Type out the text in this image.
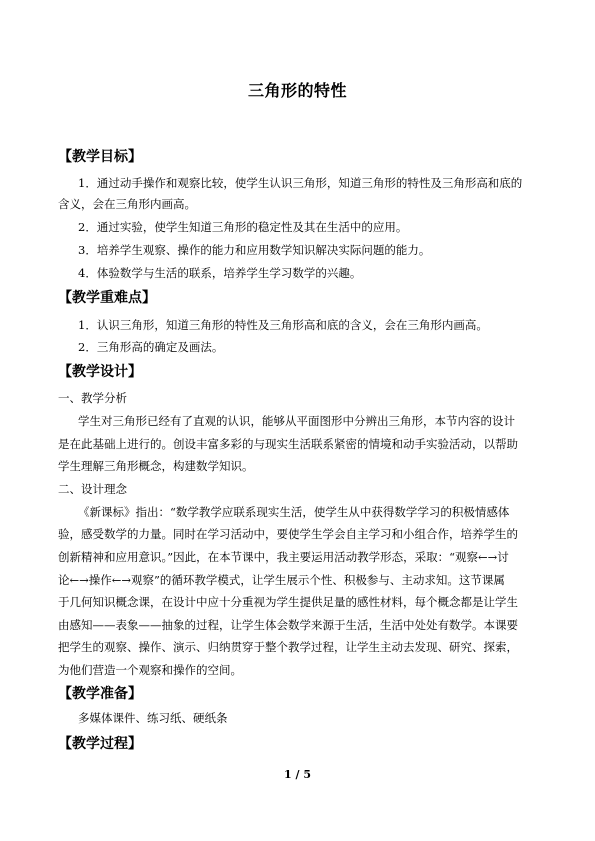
三角形的特性
【教学目标】
1．通过动手操作和观察比较，使学生认识三角形，知道三角形的特性及三角形高和底的
含义，会在三角形内画高。
2．通过实验，使学生知道三角形的稳定性及其在生活中的应用。
3．培养学生观察、操作的能力和应用数学知识解决实际问题的能力。
4．体验数学与生活的联系，培养学生学习数学的兴趣。
【教学重难点】
1．认识三角形，知道三角形的特性及三角形高和底的含义，会在三角形内画高。
2．三角形高的确定及画法。
【教学设计】
一、教学分析
学生对三角形已经有了直观的认识，能够从平面图形中分辨出三角形，本节内容的设计
是在此基础上进行的。创设丰富多彩的与现实生活联系紧密的情境和动手实验活动，以帮助
学生理解三角形概念，构建数学知识。
二、设计理念
《新课标》指出：“数学教学应联系现实生活，使学生从中获得数学学习的积极情感体
验，感受数学的力量。同时在学习活动中，要使学生学会自主学习和小组合作，培养学生的
创新精神和应用意识。”因此，在本节课中，我主要运用活动教学形态，采取：“观察←→讨
论←→操作←→观察”的循环教学模式，让学生展示个性、积极参与、主动求知。这节课属
于几何知识概念课，在设计中应十分重视为学生提供足量的感性材料，每个概念都是让学生
由感知——表象——抽象的过程，让学生体会数学来源于生活，生活中处处有数学。本课要
把学生的观察、操作、演示、归纳贯穿于整个教学过程，让学生主动去发现、研究、探索，
为他们营造一个观察和操作的空间。
【教学准备】
多媒体课件、练习纸、硬纸条
【教学过程】
1 / 5
